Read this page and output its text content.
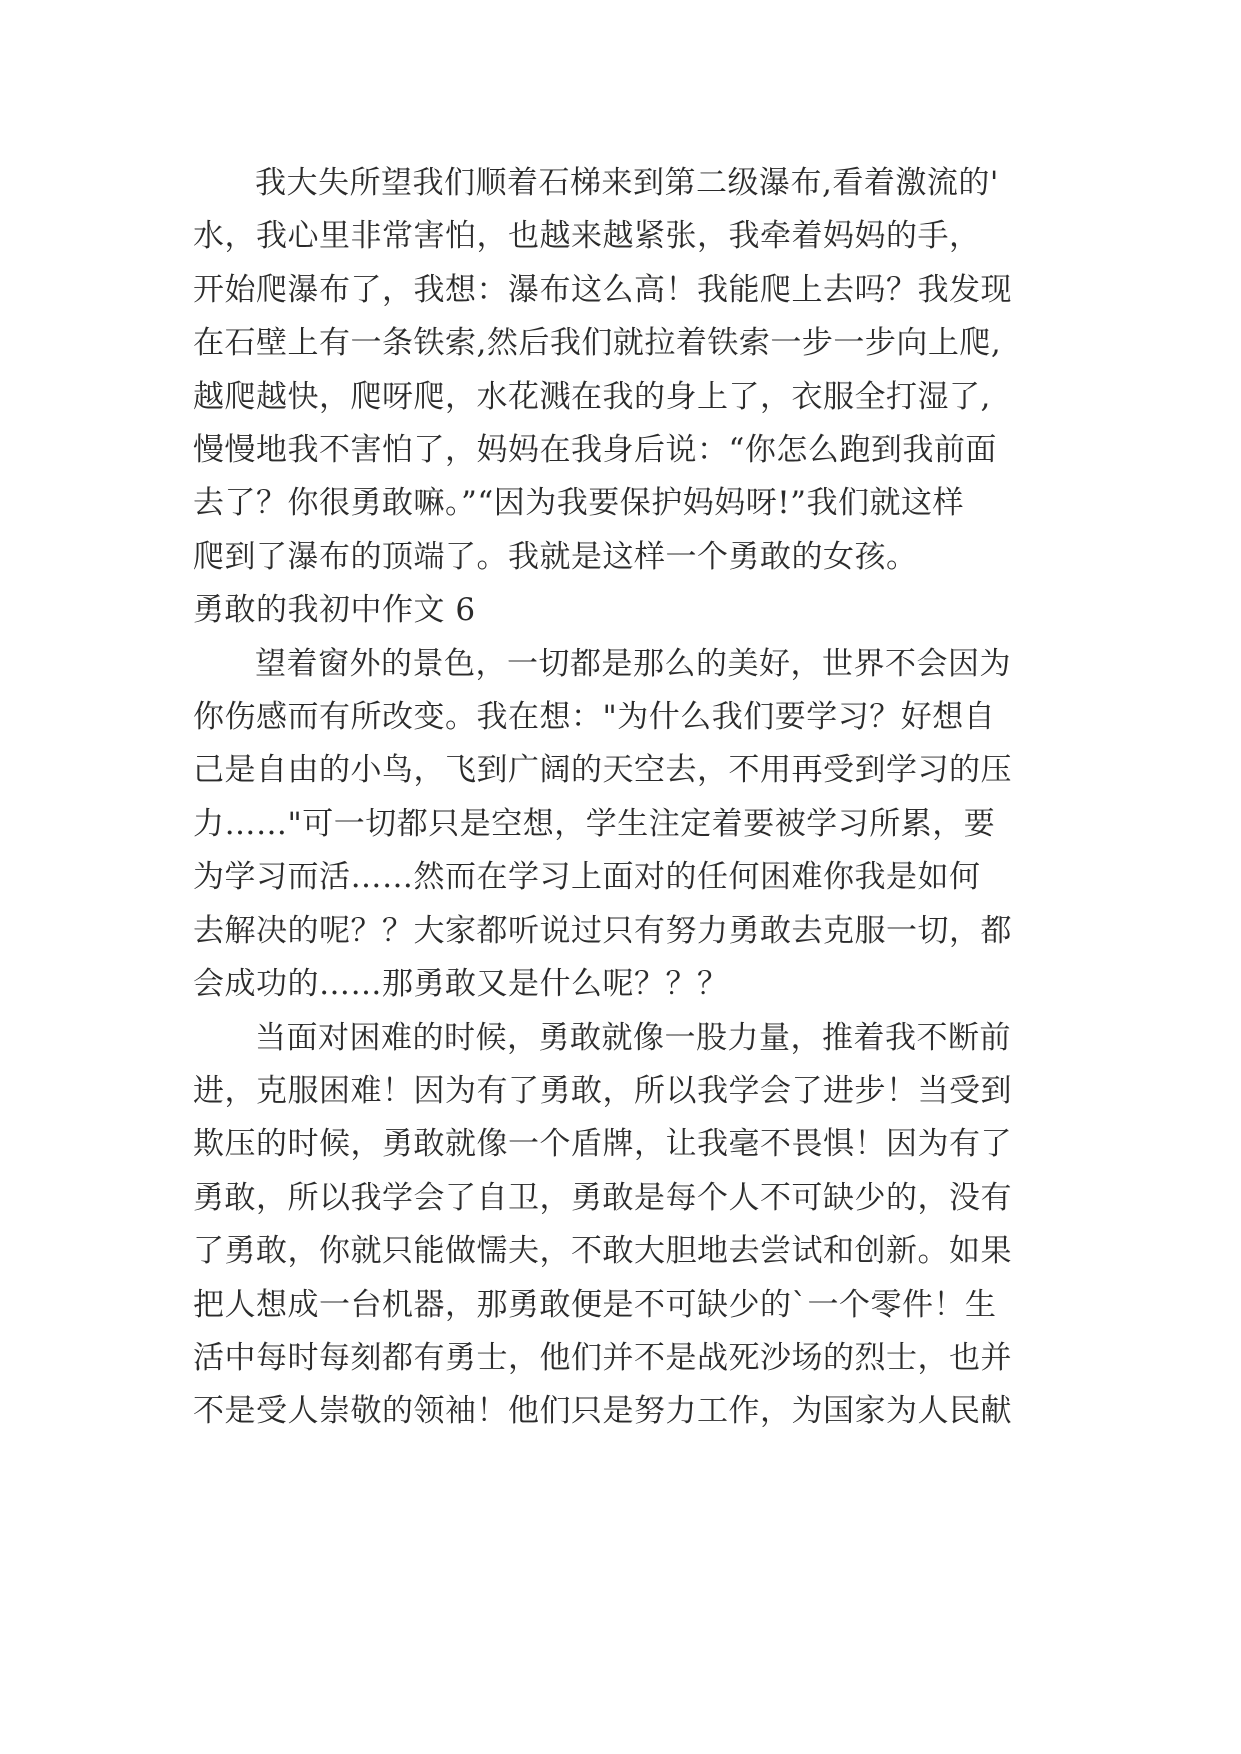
我大失所望我们顺着石梯来到第二级瀑布,看着激流的'
水，我心里非常害怕，也越来越紧张，我牵着妈妈的手，
开始爬瀑布了，我想：瀑布这么高！我能爬上去吗？我发现
在石壁上有一条铁索,然后我们就拉着铁索一步一步向上爬,
越爬越快，爬呀爬，水花溅在我的身上了，衣服全打湿了,
慢慢地我不害怕了，妈妈在我身后说：“你怎么跑到我前面
去了？你很勇敢嘛。”“因为我要保护妈妈呀!”我们就这样
爬到了瀑布的顶端了。我就是这样一个勇敢的女孩。

勇敢的我初中作文 6

望着窗外的景色，一切都是那么的美好，世界不会因为
你伤感而有所改变。我在想："为什么我们要学习？好想自
己是自由的小鸟，飞到广阔的天空去，不用再受到学习的压
力……"可一切都只是空想，学生注定着要被学习所累，要
为学习而活……然而在学习上面对的任何困难你我是如何
去解决的呢？？大家都听说过只有努力勇敢去克服一切，都
会成功的……那勇敢又是什么呢？？？

当面对困难的时候，勇敢就像一股力量，推着我不断前
进，克服困难！因为有了勇敢，所以我学会了进步！当受到
欺压的时候，勇敢就像一个盾牌，让我毫不畏惧！因为有了
勇敢，所以我学会了自卫，勇敢是每个人不可缺少的，没有
了勇敢，你就只能做懦夫，不敢大胆地去尝试和创新。如果
把人想成一台机器，那勇敢便是不可缺少的`一个零件！生
活中每时每刻都有勇士，他们并不是战死沙场的烈士，也并
不是受人崇敬的领袖！他们只是努力工作，为国家为人民献
